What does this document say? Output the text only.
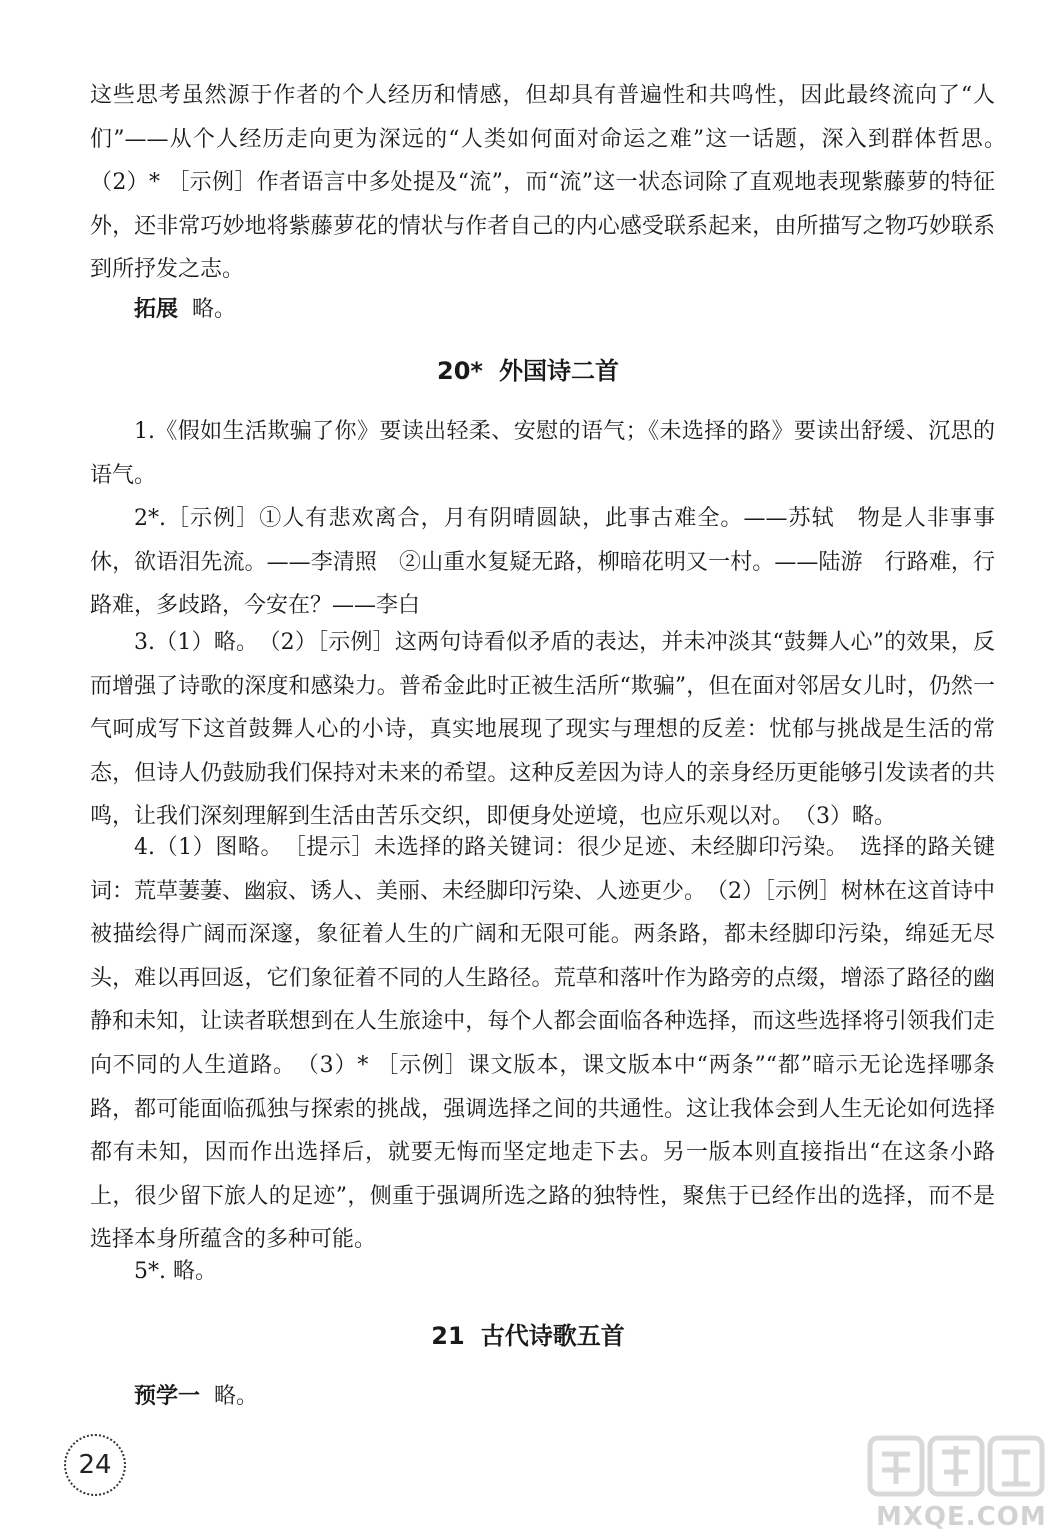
这些思考虽然源于作者的个人经历和情感，但却具有普遍性和共鸣性，因此最终流向了“人们”——从个人经历走向更为深远的“人类如何面对命运之难”这一话题，深入到群体哲思。　（2）* ［示例］作者语言中多处提及“流”，而“流”这一状态词除了直观地表现紫藤萝的特征外，还非常巧妙地将紫藤萝花的情状与作者自己的内心感受联系起来，由所描写之物巧妙联系到所抒发之志。

拓展 略。

20* 外国诗二首

1.《假如生活欺骗了你》要读出轻柔、安慰的语气；《未选择的路》要读出舒缓、沉思的语气。

2*.［示例］①人有悲欢离合，月有阴晴圆缺，此事古难全。——苏轼　物是人非事事休，欲语泪先流。——李清照　②山重水复疑无路，柳暗花明又一村。——陆游　行路难，行路难，多歧路，今安在？——李白

3.（1）略。　（2）［示例］这两句诗看似矛盾的表达，并未冲淡其“鼓舞人心”的效果，反而增强了诗歌的深度和感染力。普希金此时正被生活所“欺骗”，但在面对邻居女儿时，仍然一气呵成写下这首鼓舞人心的小诗，真实地展现了现实与理想的反差：忧郁与挑战是生活的常态，但诗人仍鼓励我们保持对未来的希望。这种反差因为诗人的亲身经历更能够引发读者的共鸣，让我们深刻理解到生活由苦乐交织，即便身处逆境，也应乐观以对。　（3）略。

4.（1）图略。　［提示］未选择的路关键词：很少足迹、未经脚印污染。　选择的路关键词：荒草萋萋、幽寂、诱人、美丽、未经脚印污染、人迹更少。　（2）［示例］树林在这首诗中被描绘得广阔而深邃，象征着人生的广阔和无限可能。两条路，都未经脚印污染，绵延无尽头，难以再回返，它们象征着不同的人生路径。荒草和落叶作为路旁的点缀，增添了路径的幽静和未知，让读者联想到在人生旅途中，每个人都会面临各种选择，而这些选择将引领我们走向不同的人生道路。　（3）* ［示例］课文版本，课文版本中“两条”“都”暗示无论选择哪条路，都可能面临孤独与探索的挑战，强调选择之间的共通性。这让我体会到人生无论如何选择都有未知，因而作出选择后，就要无悔而坚定地走下去。另一版本则直接指出“在这条小路上，很少留下旅人的足迹”，侧重于强调所选之路的独特性，聚焦于已经作出的选择，而不是选择本身所蕴含的多种可能。

5*. 略。

21 古代诗歌五首

预学一 略。

24
MXQE.COM
